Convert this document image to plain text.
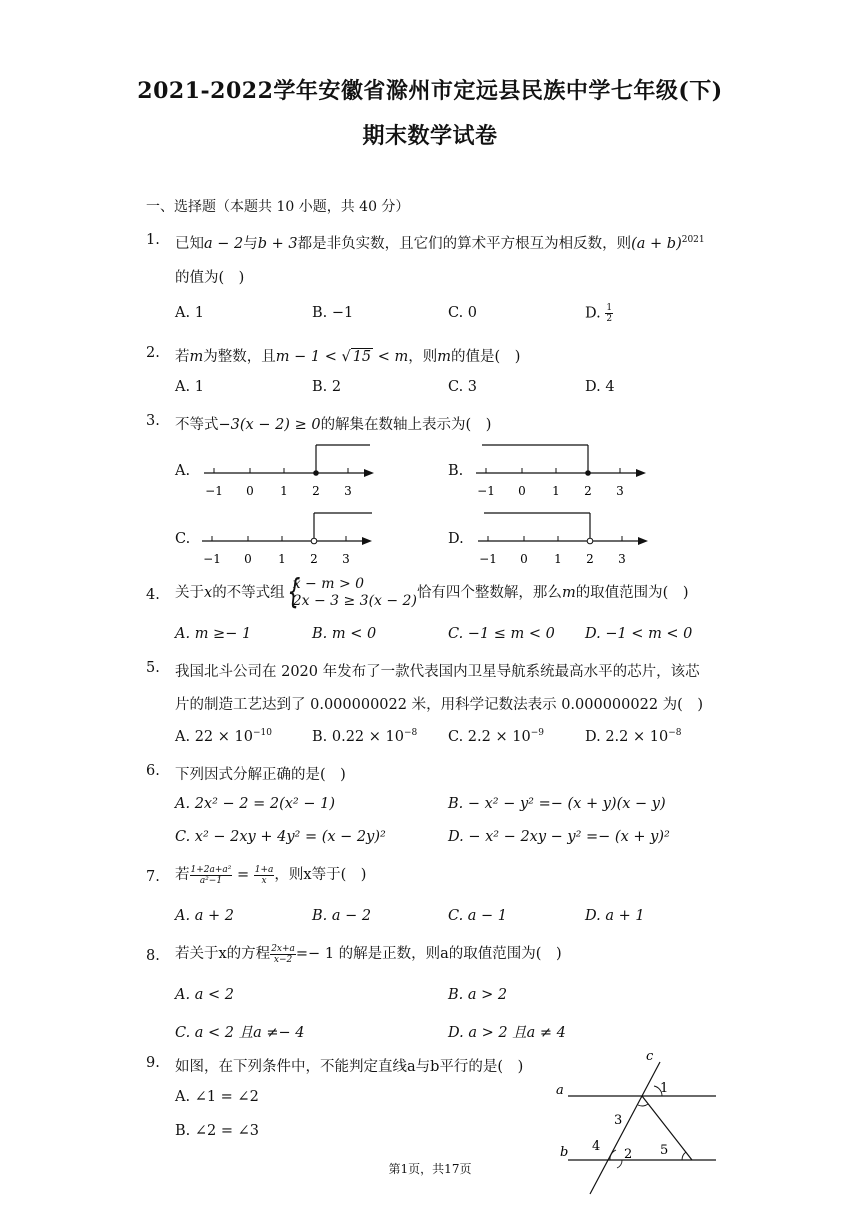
2021-2022学年安徽省滁州市定远县民族中学七年级(下)
期末数学试卷
一、选择题（本题共 10 小题，共 40 分）
1. 已知a − 2与b + 3都是非负实数，且它们的算术平方根互为相反数，则$(a + b)^{2021}$
的值为(　)
A. 1	B. −1	C. 0	D. $\frac{1}{2}$
2. 若m为整数，且m − 1 < √ 15 < m，则m的值是(　)
A. 1	B. 2	C. 3	D. 4
3. 不等式−3(x − 2) ≥ 0的解集在数轴上表示为(　)
A.	B.
C.	D.
−1 0 1 2 3	−1 0 1 2 3
−1 0 1 2 3	−1 0 1 2 3
4. 关于x的不等式组
{ x − m > 0
2x − 3 ≥ 3(x − 2) 恰有四个整数解，那么m的取值范围为(　)
A. m ≥− 1	B. m < 0	C. −1 ≤ m < 0 D. −1 < m < 0
5. 我国北斗公司在 2020 年发布了一款代表国内卫星导航系统最高水平的芯片，该芯
片的制造工艺达到了 0.000000022 米，用科学记数法表示 0.000000022 为(　)
A. $22 \times 10^{-10}$	B. $0.22 \times 10^{-8}$ C. $2.2 \times 10^{-9}$	D. $2.2 \times 10^{-8}$
6. 下列因式分解正确的是(　)
A. 2x² − 2 = 2(x² − 1)	B. − x² − y² =− (x + y)(x − y)
C. x² − 2xy + 4y² = (x − 2y)²	D. − x² − 2xy − y² =− (x + y)²
7. 若 $\frac{\text{1+2a+a²}}{\text{a²−1}} = \frac{1+a}{x}$ ，则x等于(　)
A. a + 2	B. a − 2	C. a − 1	D. a + 1
8. 若关于x的方程 $\frac{2x+a}{x-2} =- 1$ 的解是正数，则a的取值范围为(　)
A. a < 2	B. a > 2
C. a < 2 且a ≠− 4	D. a > 2 且a ≠ 4
9. 如图，在下列条件中，不能判定直线a与b平行的是(　)
A. ∠1 = ∠2
B. ∠2 = ∠3
a
b
c
1
2
3
4	5
第1页，共17页
